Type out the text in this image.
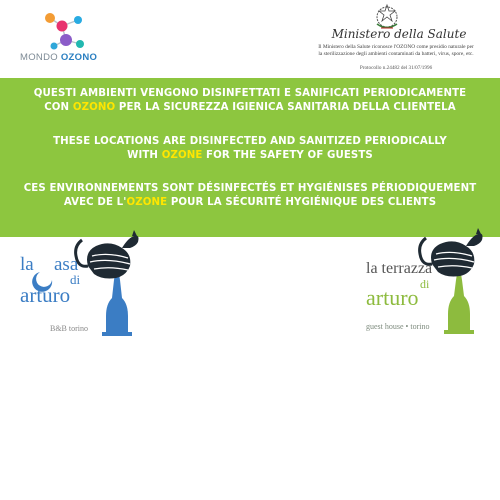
MONDO OZONO
Ministero della Salute
Il Ministero della Salute riconosce l'OZONO come presidio naturale per
la sterilizzazione degli ambienti contaminati da batteri, virus, spore, etc.
Protocollo n.24482 del 31/07/1996
QUESTI AMBIENTI VENGONO DISINFETTATI E SANIFICATI PERIODICAMENTE
CON OZONO PER LA SICUREZZA IGIENICA SANITARIA DELLA CLIENTELA
THESE LOCATIONS ARE DISINFECTED AND SANITIZED PERIODICALLY
WITH OZONE FOR THE SAFETY OF GUESTS
CES ENVIRONNEMENTS SONT DÉSINFECTÉS ET HYGIÉNISES PÉRIODIQUEMENT
AVEC DE L'OZONE POUR LA SÉCURITÉ HYGIÉNIQUE DES CLIENTS
la asa
di
arturo
B&B torino
la terrazza
di
arturo
guest house • torino
